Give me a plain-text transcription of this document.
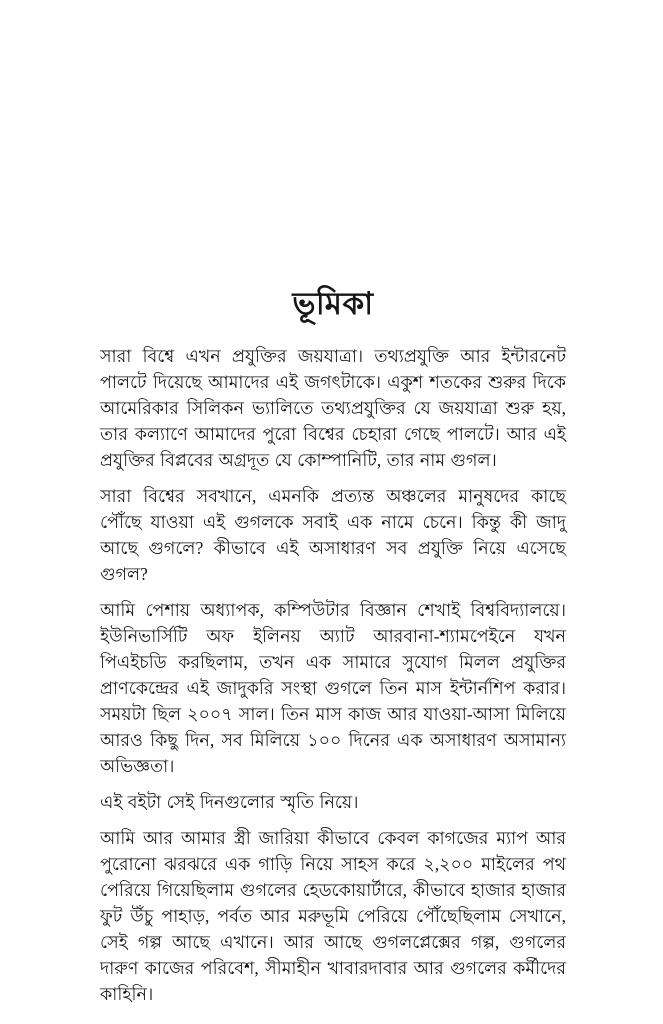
ভূমিকা

সারা বিশ্বে এখন প্রযুক্তির জয়যাত্রা। তথ্যপ্রযুক্তি আর ইন্টারনেট পালটে দিয়েছে আমাদের এই জগৎটাকে। একুশ শতকের শুরুর দিকে আমেরিকার সিলিকন ভ্যালিতে তথ্যপ্রযুক্তির যে জয়যাত্রা শুরু হয়, তার কল্যাণে আমাদের পুরো বিশ্বের চেহারা গেছে পালটে। আর এই প্রযুক্তির বিপ্লবের অগ্রদূত যে কোম্পানিটি, তার নাম গুগল।

সারা বিশ্বের সবখানে, এমনকি প্রত্যন্ত অঞ্চলের মানুষদের কাছে পৌঁছে যাওয়া এই গুগলকে সবাই এক নামে চেনে। কিন্তু কী জাদু আছে গুগলে? কীভাবে এই অসাধারণ সব প্রযুক্তি নিয়ে এসেছে গুগল?

আমি পেশায় অধ্যাপক, কম্পিউটার বিজ্ঞান শেখাই বিশ্ববিদ্যালয়ে। ইউনিভার্সিটি অফ ইলিনয় অ্যাট আরবানা-শ্যামপেইনে যখন পিএইচডি করছিলাম, তখন এক সামারে সুযোগ মিলল প্রযুক্তির প্রাণকেন্দ্রের এই জাদুকরি সংস্থা গুগলে তিন মাস ইন্টার্নশিপ করার। সময়টা ছিল ২০০৭ সাল। তিন মাস কাজ আর যাওয়া-আসা মিলিয়ে আরও কিছু দিন, সব মিলিয়ে ১০০ দিনের এক অসাধারণ অসামান্য অভিজ্ঞতা।

এই বইটা সেই দিনগুলোর স্মৃতি নিয়ে।

আমি আর আমার স্ত্রী জারিয়া কীভাবে কেবল কাগজের ম্যাপ আর পুরোনো ঝরঝরে এক গাড়ি নিয়ে সাহস করে ২,২০০ মাইলের পথ পেরিয়ে গিয়েছিলাম গুগলের হেডকোয়ার্টারে, কীভাবে হাজার হাজার ফুট উঁচু পাহাড়, পর্বত আর মরুভূমি পেরিয়ে পৌঁছেছিলাম সেখানে, সেই গল্প আছে এখানে। আর আছে গুগলপ্লেক্সের গল্প, গুগলের দারুণ কাজের পরিবেশ, সীমাহীন খাবারদাবার আর গুগলের কর্মীদের কাহিনি।
